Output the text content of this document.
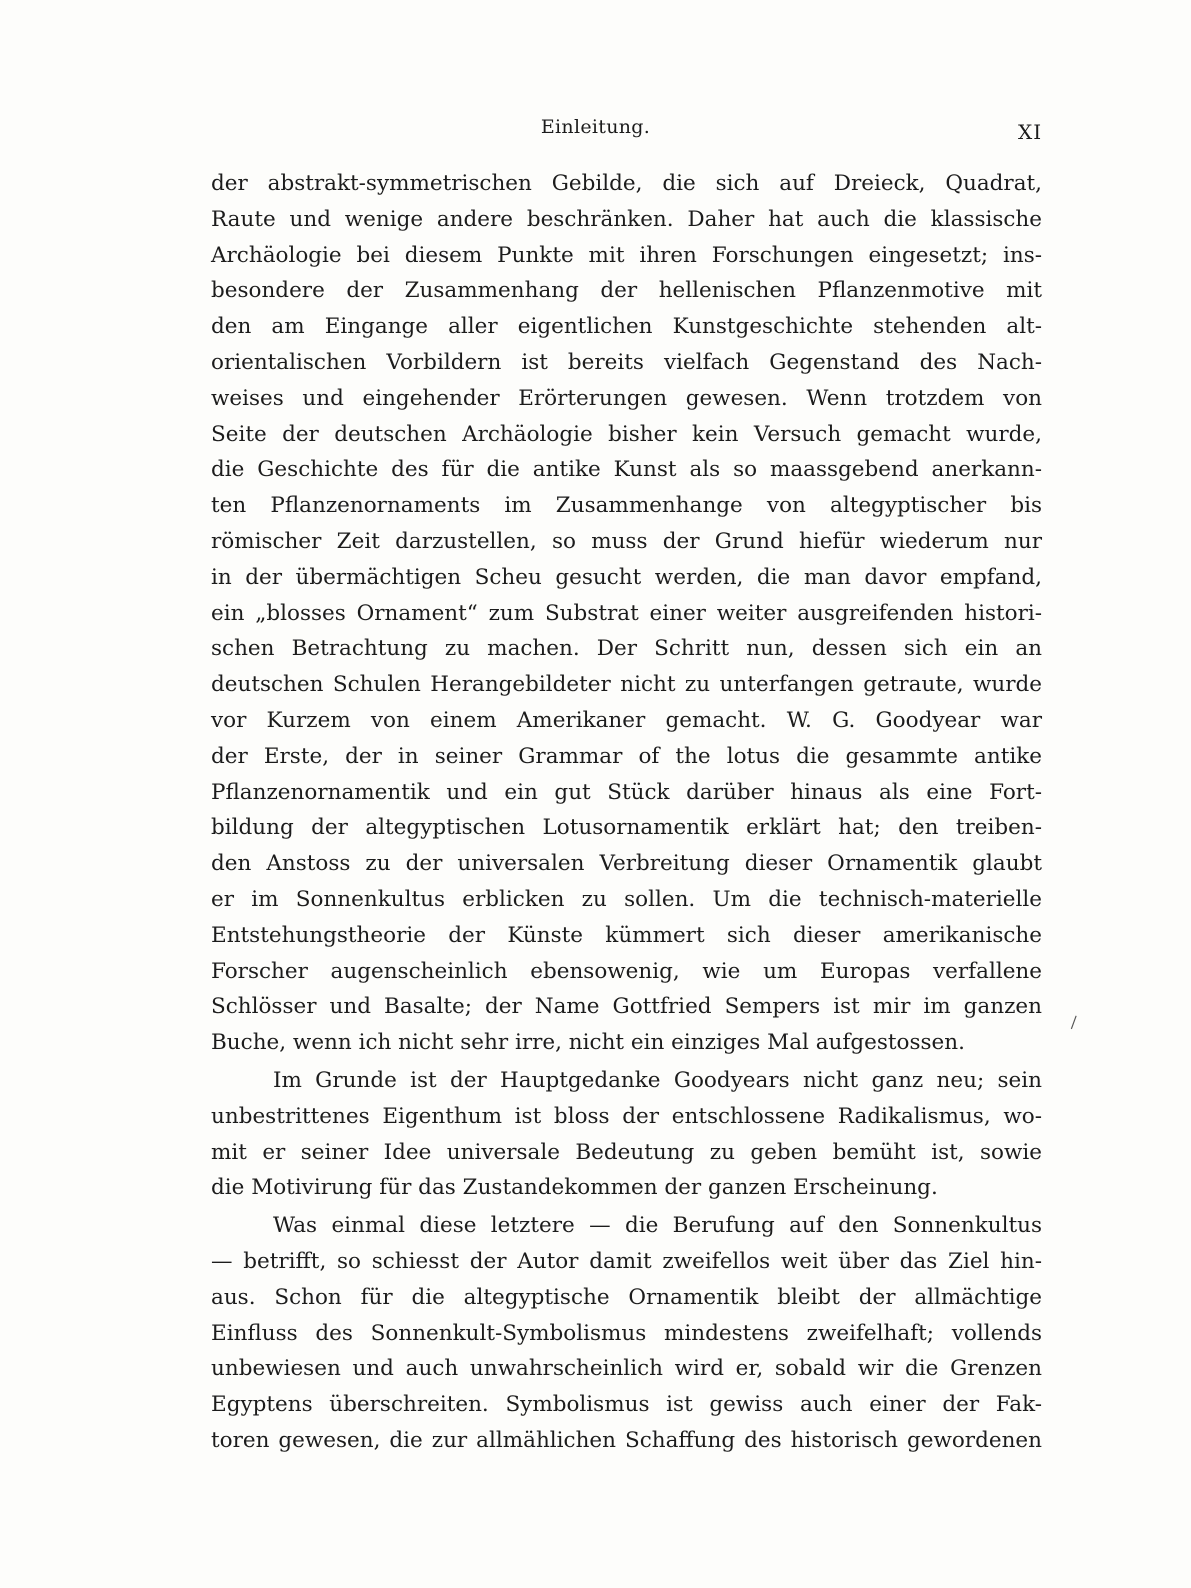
Einleitung.	XI
der abstrakt-symmetrischen Gebilde, die sich auf Dreieck, Quadrat,
Raute und wenige andere beschränken. Daher hat auch die klassische
Archäologie bei diesem Punkte mit ihren Forschungen eingesetzt; ins-
besondere der Zusammenhang der hellenischen Pflanzenmotive mit
den am Eingange aller eigentlichen Kunstgeschichte stehenden alt-
orientalischen Vorbildern ist bereits vielfach Gegenstand des Nach-
weises und eingehender Erörterungen gewesen. Wenn trotzdem von
Seite der deutschen Archäologie bisher kein Versuch gemacht wurde,
die Geschichte des für die antike Kunst als so maassgebend anerkann-
ten Pflanzenornaments im Zusammenhange von altegyptischer bis
römischer Zeit darzustellen, so muss der Grund hiefür wiederum nur
in der übermächtigen Scheu gesucht werden, die man davor empfand,
ein „blosses Ornament“ zum Substrat einer weiter ausgreifenden histori-
schen Betrachtung zu machen. Der Schritt nun, dessen sich ein an
deutschen Schulen Herangebildeter nicht zu unterfangen getraute, wurde
vor Kurzem von einem Amerikaner gemacht. W. G. Goodyear war
der Erste, der in seiner Grammar of the lotus die gesammte antike
Pflanzenornamentik und ein gut Stück darüber hinaus als eine Fort-
bildung der altegyptischen Lotusornamentik erklärt hat; den treiben-
den Anstoss zu der universalen Verbreitung dieser Ornamentik glaubt
er im Sonnenkultus erblicken zu sollen. Um die technisch-materielle
Entstehungstheorie der Künste kümmert sich dieser amerikanische
Forscher augenscheinlich ebensowenig, wie um Europas verfallene
Schlösser und Basalte; der Name Gottfried Sempers ist mir im ganzen
Buche, wenn ich nicht sehr irre, nicht ein einziges Mal aufgestossen.
Im Grunde ist der Hauptgedanke Goodyears nicht ganz neu; sein
unbestrittenes Eigenthum ist bloss der entschlossene Radikalismus, wo-
mit er seiner Idee universale Bedeutung zu geben bemüht ist, sowie
die Motivirung für das Zustandekommen der ganzen Erscheinung.
Was einmal diese letztere — die Berufung auf den Sonnenkultus
— betrifft, so schiesst der Autor damit zweifellos weit über das Ziel hin-
aus. Schon für die altegyptische Ornamentik bleibt der allmächtige
Einfluss des Sonnenkult-Symbolismus mindestens zweifelhaft; vollends
unbewiesen und auch unwahrscheinlich wird er, sobald wir die Grenzen
Egyptens überschreiten. Symbolismus ist gewiss auch einer der Fak-
toren gewesen, die zur allmählichen Schaffung des historisch gewordenen
❘
